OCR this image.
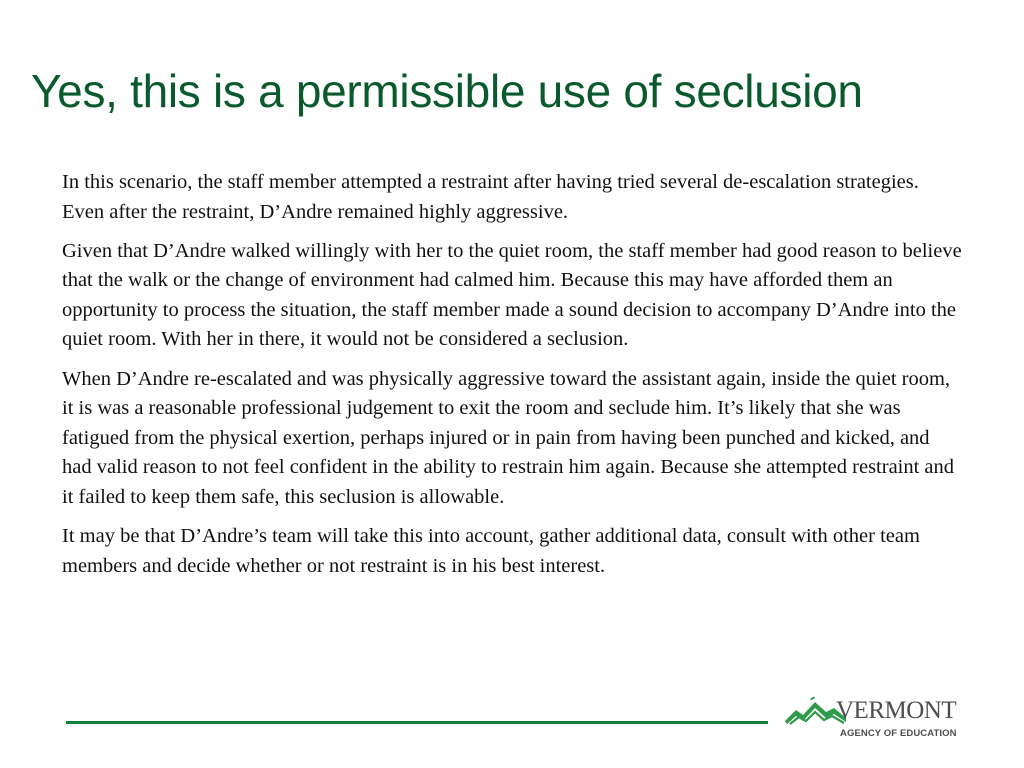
Yes, this is a permissible use of seclusion

In this scenario, the staff member attempted a restraint after having tried several de-escalation strategies. Even after the restraint, D’Andre remained highly aggressive.

Given that D’Andre walked willingly with her to the quiet room, the staff member had good reason to believe that the walk or the change of environment had calmed him. Because this may have afforded them an opportunity to process the situation, the staff member made a sound decision to accompany D’Andre into the quiet room. With her in there, it would not be considered a seclusion.

When D’Andre re-escalated and was physically aggressive toward the assistant again, inside the quiet room, it is was a reasonable professional judgement to exit the room and seclude him. It’s likely that she was fatigued from the physical exertion, perhaps injured or in pain from having been punched and kicked, and had valid reason to not feel confident in the ability to restrain him again. Because she attempted restraint and it failed to keep them safe, this seclusion is allowable.

It may be that D’Andre’s team will take this into account, gather additional data, consult with other team members and decide whether or not restraint is in his best interest.

VERMONT
AGENCY OF EDUCATION
